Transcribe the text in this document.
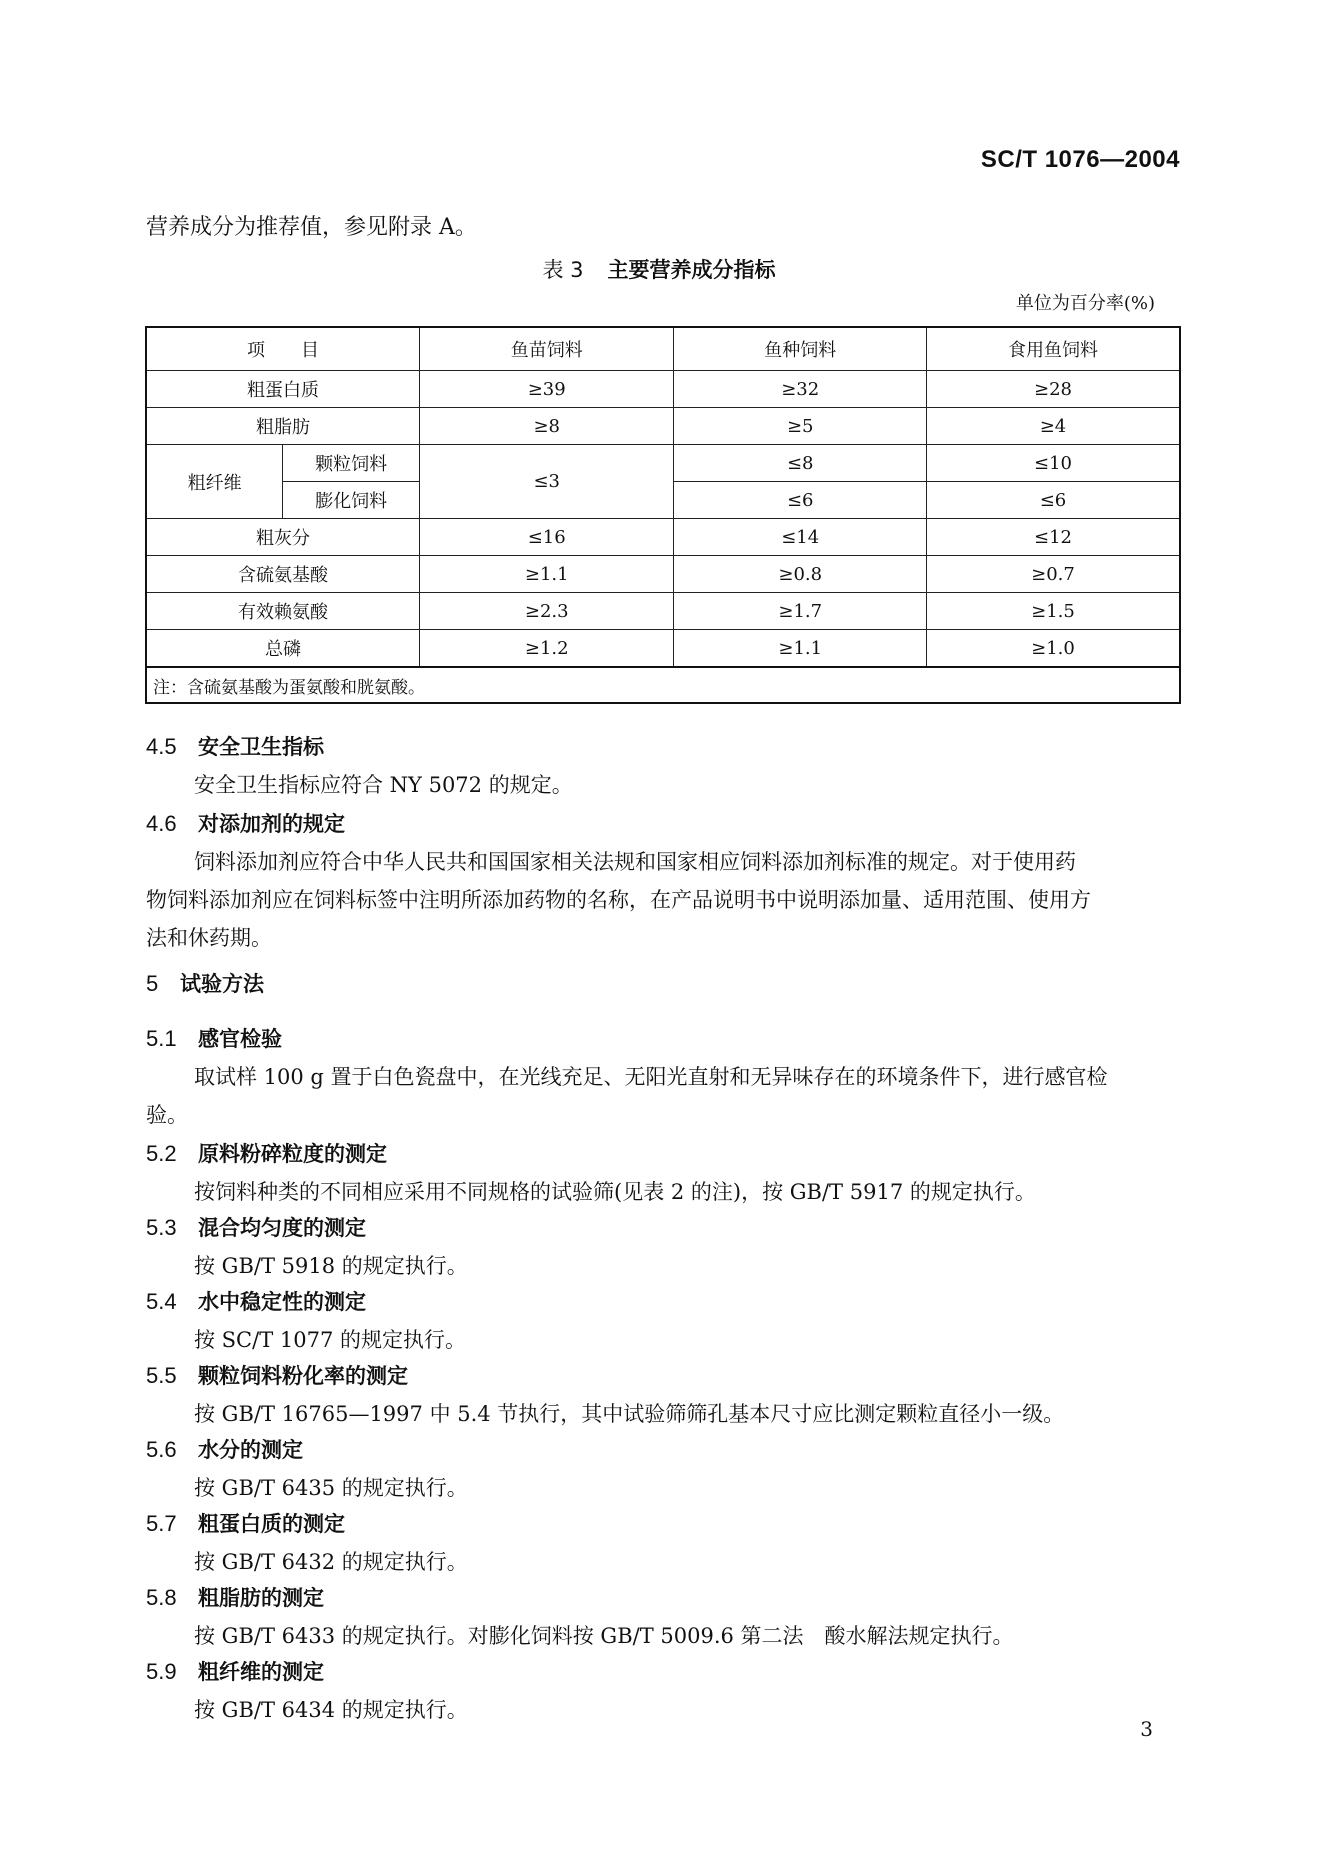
SC/T 1076—2004
营养成分为推荐值，参见附录 A。
表 3 主要营养成分指标
单位为百分率(%)
项　　目		鱼苗饲料	鱼种饲料	食用鱼饲料
粗蛋白质		≥39	≥32	≥28
粗脂肪		≥8	≥5	≥4
粗纤维	颗粒饲料	≤3	≤8	≤10
	膨化饲料		≤6	≤6
粗灰分		≤16	≤14	≤12
含硫氨基酸		≥1.1	≥0.8	≥0.7
有效赖氨酸		≥2.3	≥1.7	≥1.5
总磷		≥1.2	≥1.1	≥1.0
注：含硫氨基酸为蛋氨酸和胱氨酸。				
4.5 安全卫生指标
安全卫生指标应符合 NY 5072 的规定。
4.6 对添加剂的规定
饲料添加剂应符合中华人民共和国国家相关法规和国家相应饲料添加剂标准的规定。对于使用药
物饲料添加剂应在饲料标签中注明所添加药物的名称，在产品说明书中说明添加量、适用范围、使用方
法和休药期。
5 试验方法
5.1 感官检验
取试样 100 g 置于白色瓷盘中，在光线充足、无阳光直射和无异味存在的环境条件下，进行感官检
验。
5.2 原料粉碎粒度的测定
按饲料种类的不同相应采用不同规格的试验筛(见表 2 的注)，按 GB/T 5917 的规定执行。
5.3 混合均匀度的测定
按 GB/T 5918 的规定执行。
5.4 水中稳定性的测定
按 SC/T 1077 的规定执行。
5.5 颗粒饲料粉化率的测定
按 GB/T 16765—1997 中 5.4 节执行，其中试验筛筛孔基本尺寸应比测定颗粒直径小一级。
5.6 水分的测定
按 GB/T 6435 的规定执行。
5.7 粗蛋白质的测定
按 GB/T 6432 的规定执行。
5.8 粗脂肪的测定
按 GB/T 6433 的规定执行。对膨化饲料按 GB/T 5009.6 第二法　酸水解法规定执行。
5.9 粗纤维的测定
按 GB/T 6434 的规定执行。
3
